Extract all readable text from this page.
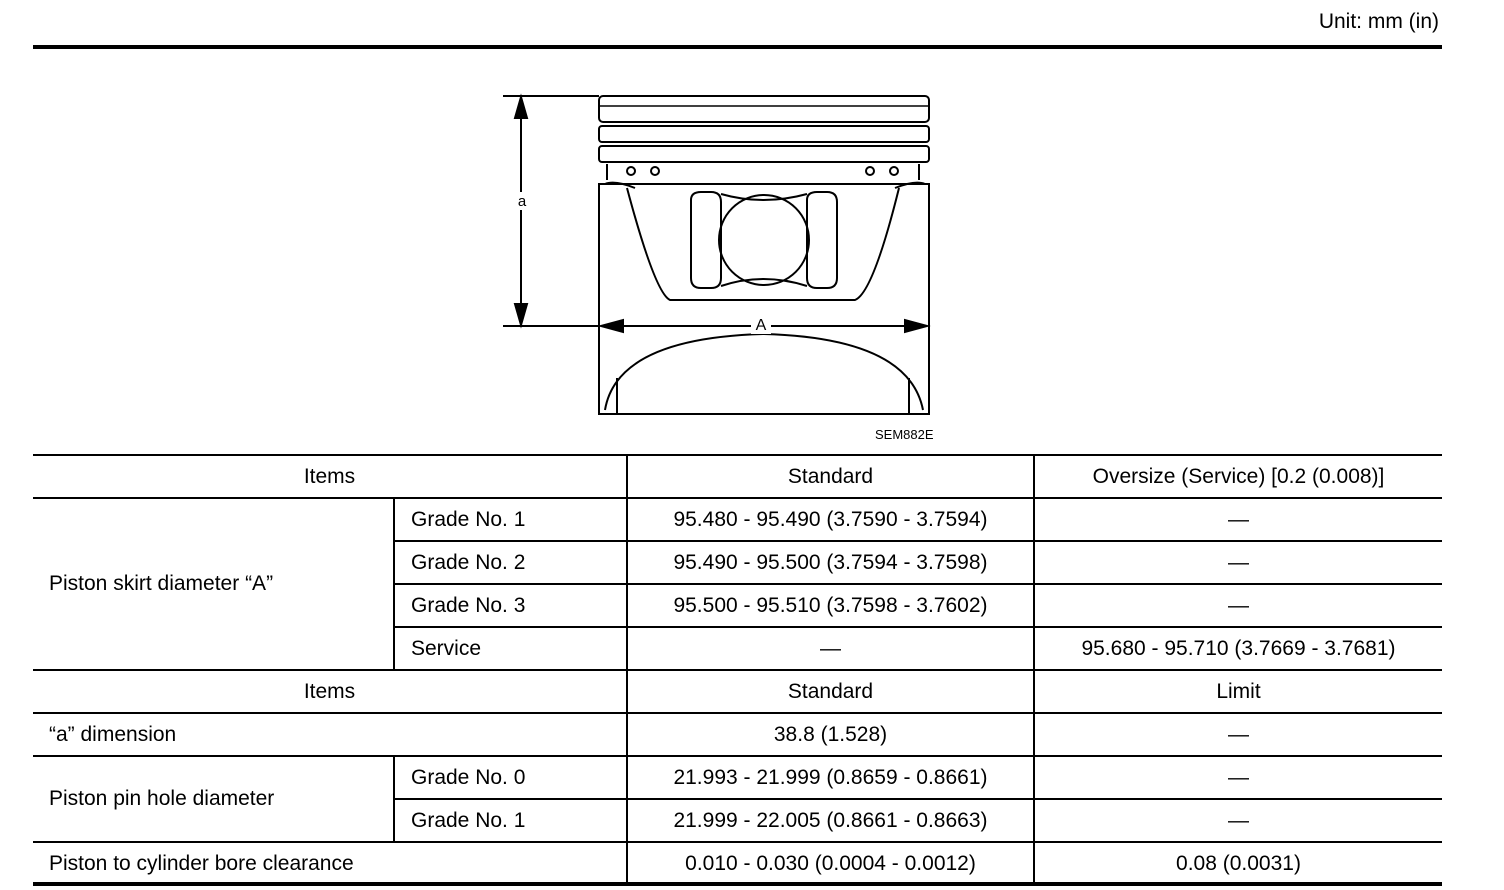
Unit: mm (in)
a
A
SEM882E
Items		Standard	Oversize (Service) [0.2 (0.008)]
Piston skirt diameter “A”	Grade No. 1	95.480 - 95.490 (3.7590 - 3.7594)	—
	Grade No. 2	95.490 - 95.500 (3.7594 - 3.7598)	—
	Grade No. 3	95.500 - 95.510 (3.7598 - 3.7602)	—
	Service	—	95.680 - 95.710 (3.7669 - 3.7681)
Items		Standard	Limit
“a” dimension		38.8 (1.528)	—
Piston pin hole diameter	Grade No. 0	21.993 - 21.999 (0.8659 - 0.8661)	—
	Grade No. 1	21.999 - 22.005 (0.8661 - 0.8663)	—
Piston to cylinder bore clearance		0.010 - 0.030 (0.0004 - 0.0012)	0.08 (0.0031)
